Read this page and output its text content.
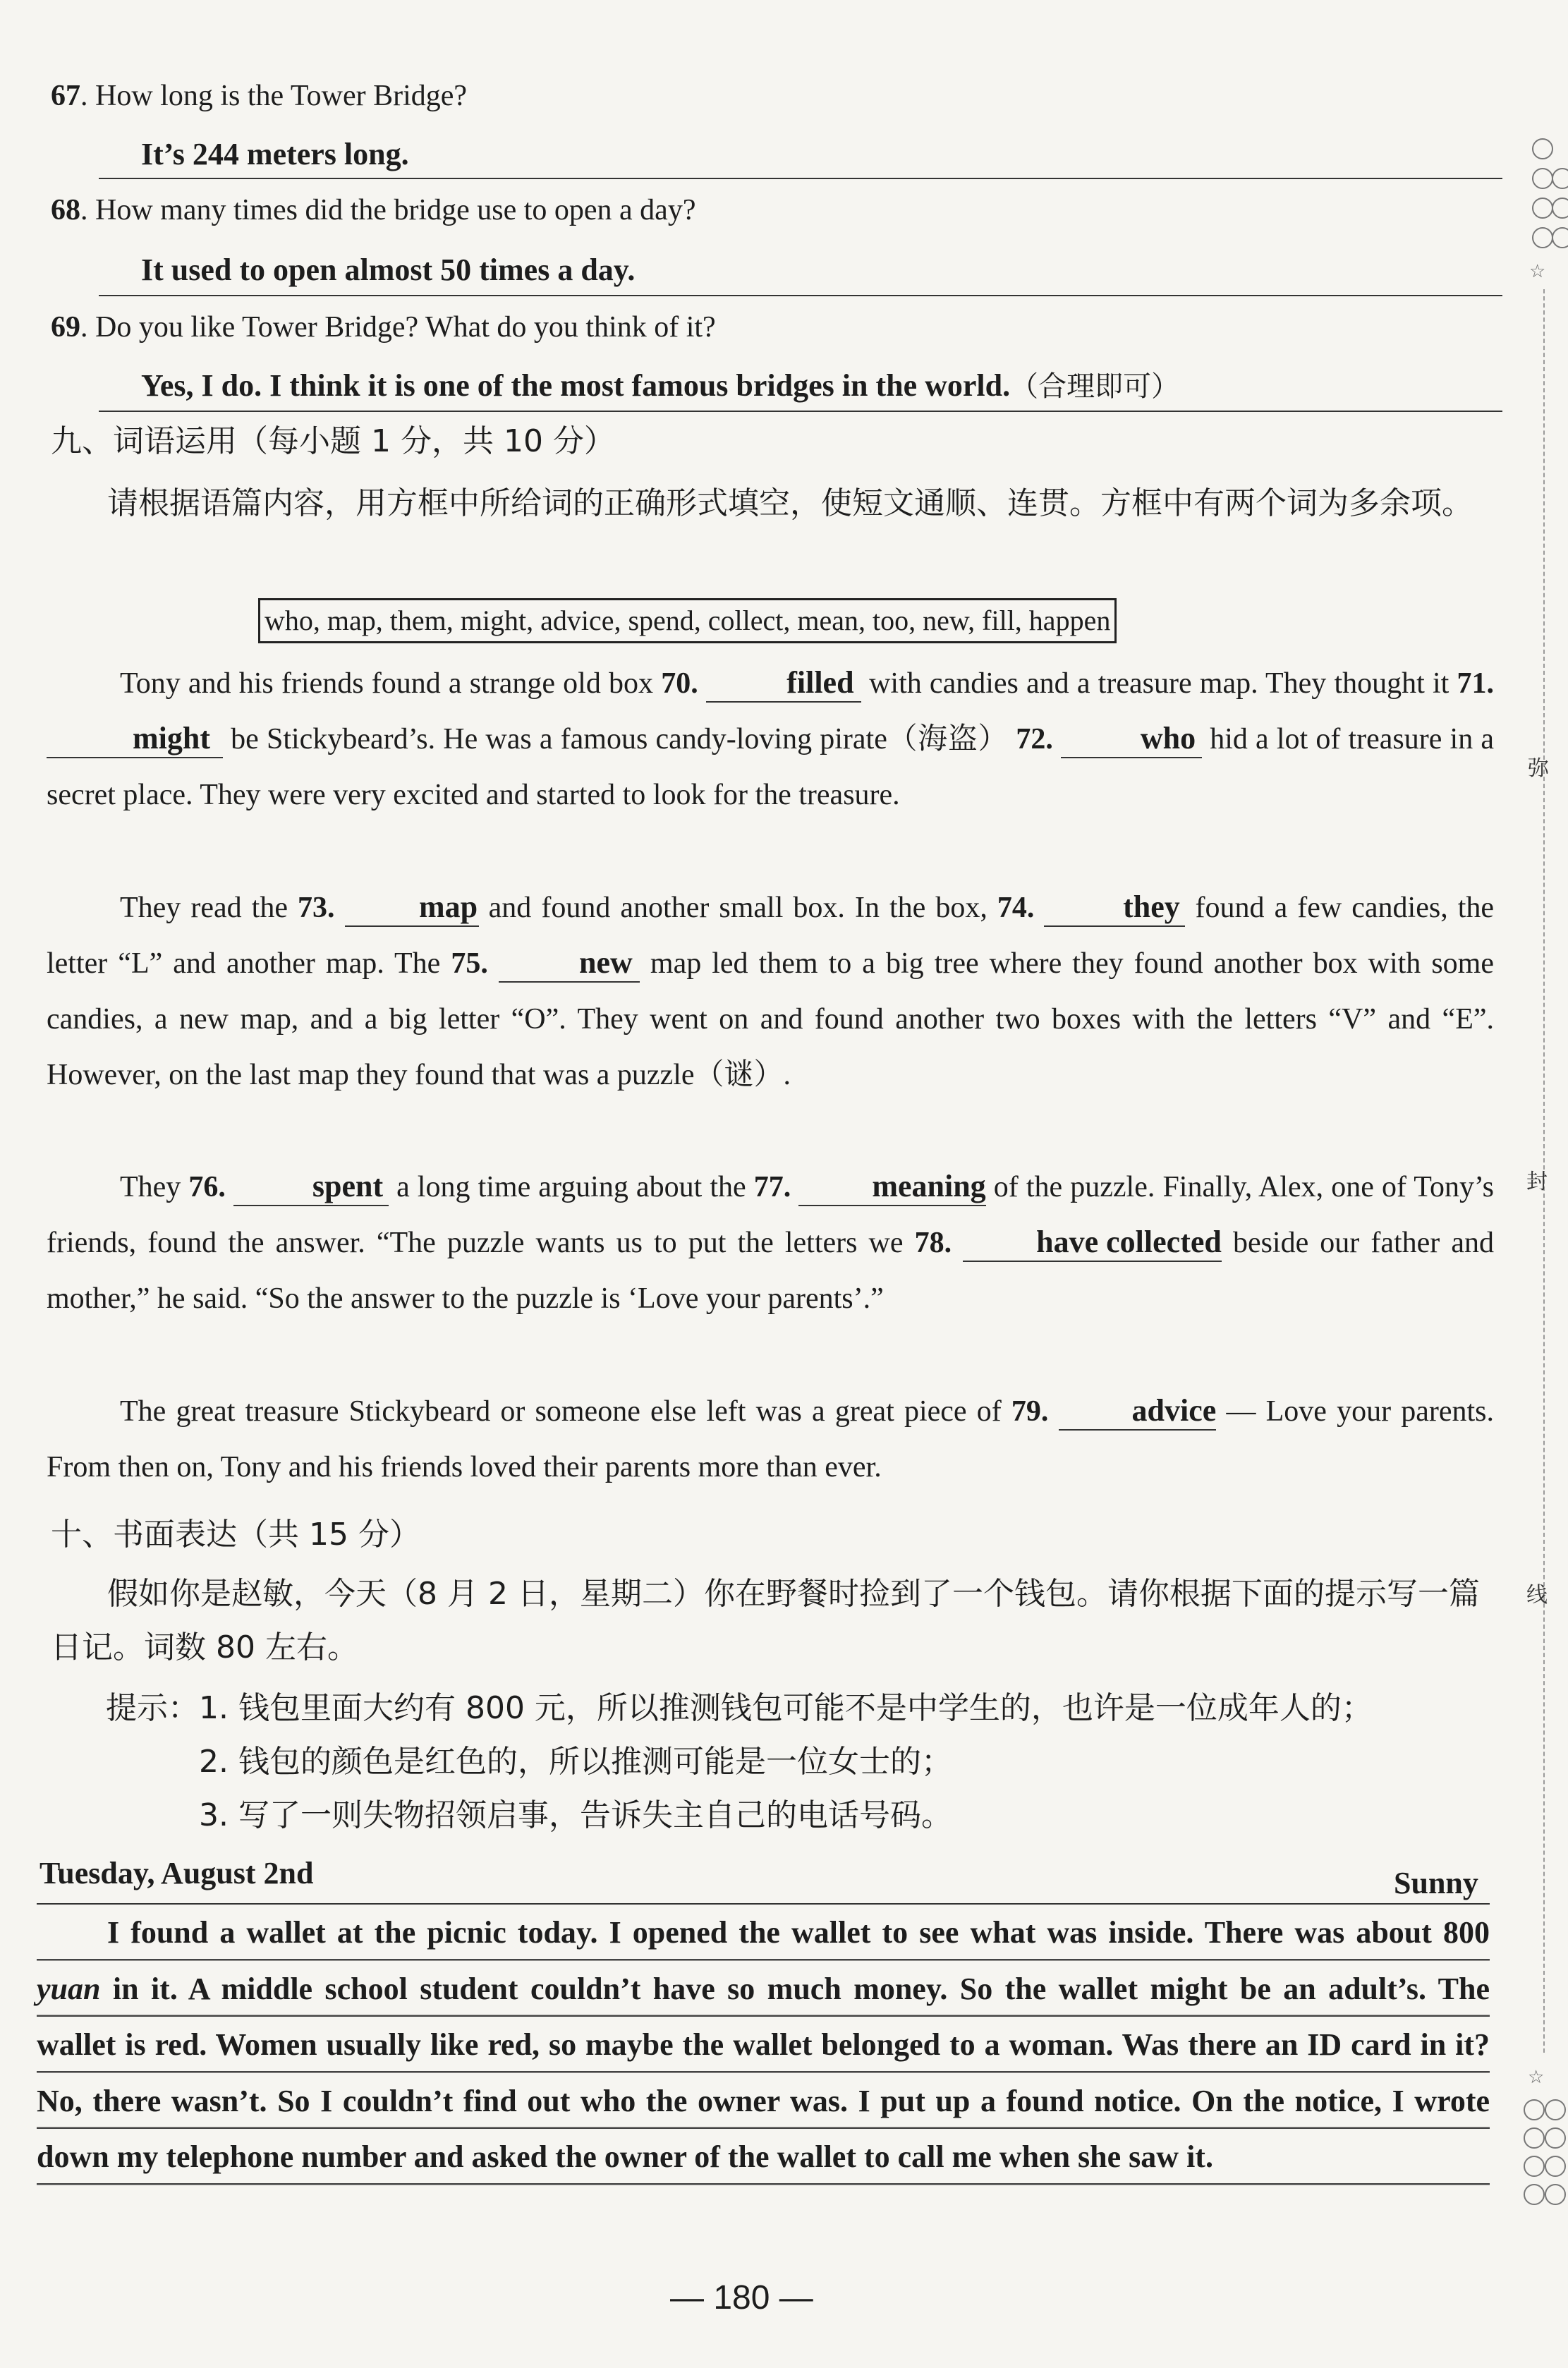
67. How long is the Tower Bridge?
It’s 244 meters long.
68. How many times did the bridge use to open a day?
It used to open almost 50 times a day.
69. Do you like Tower Bridge? What do you think of it?
Yes, I do. I think it is one of the most famous bridges in the world.（合理即可）
九、词语运用（每小题 1 分，共 10 分）
请根据语篇内容，用方框中所给词的正确形式填空，使短文通顺、连贯。方框中有两个词为多余项。
who, map, them, might, advice, spend, collect, mean, too, new, fill, happen
Tony and his friends found a strange old box 70.	filled with candies and a treasure map. They thought it 71. might be Stickybeard’s. He was a famous candy-loving pirate（海盗） 72.	who hid a lot of treasure in a secret place. They were very excited and started to look for the treasure.
They read the 73.	map and found another small box. In the box, 74.	they found a few candies, the letter “L” and another map. The 75.	new map led them to a big tree where they found another box with some candies, a new map, and a big letter “O”. They went on and found another two boxes with the letters “V” and “E”. However, on the last map they found that was a puzzle（谜）.
They 76.	spent a long time arguing about the 77.	meaning of the puzzle. Finally, Alex, one of Tony’s friends, found the answer. “The puzzle wants us to put the letters we 78.	have collected beside our father and mother,” he said. “So the answer to the puzzle is ‘Love your parents’.”
The great treasure Stickybeard or someone else left was a great piece of 79.	advice — Love your parents. From then on, Tony and his friends loved their parents more than ever.
十、书面表达（共 15 分）
假如你是赵敏，今天（8 月 2 日，星期二）你在野餐时捡到了一个钱包。请你根据下面的提示写一篇日记。词数 80 左右。
提示： 1. 钱包里面大约有 800 元，所以推测钱包可能不是中学生的，也许是一位成年人的；
2. 钱包的颜色是红色的，所以推测可能是一位女士的；
3. 写了一则失物招领启事，告诉失主自己的电话号码。
Tuesday, August 2nd	Sunny
I found a wallet at the picnic today. I opened the wallet to see what was inside. There was about 800 yuan in it. A middle school student couldn’t have so much money. So the wallet might be an adult’s. The wallet is red. Women usually like red, so maybe the wallet belonged to a woman. Was there an ID card in it? No, there wasn’t. So I couldn’t find out who the owner was. I put up a found notice. On the notice, I wrote down my telephone number and asked the owner of the wallet to call me when she saw it.
— 180 —
☆
弥
封
线
☆
